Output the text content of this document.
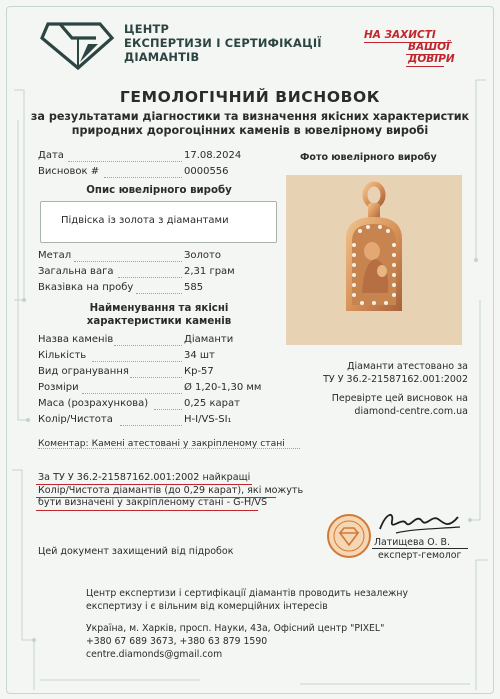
ЦЕНТР
ЕКСПЕРТИЗИ І СЕРТИФІКАЦІЇ
ДІАМАНТІВ
НА ЗАХИСТІ
ВАШОЇ
ДОВІРИ
ГЕМОЛОГІЧНИЙ ВИСНОВОК
за результатами діагностики та визначення якісних характеристик
природних дорогоцінних каменів в ювелірному виробі
Дата	17.08.2024
Висновок #	0000556
Опис ювелірного виробу
Підвіска із золота з діамантами
Метал	Золото
Загальна вага	2,31 грам
Вказівка на пробу	585
Найменування та якісні
характеристики каменів
Назва каменів	Діаманти
Кількість	34 шт
Вид огранування	Кр-57
Розміри	Ø 1,20-1,30 мм
Маса (розрахункова)	0,25 карат
Колір/Чистота	H-I/VS-SI₁
Коментар: Камені атестовані у закріпленому стані
Фото ювелірного виробу
Діаманти атестовано за
ТУ У 36.2-21587162.001:2002
Перевірте цей висновок на
diamond-centre.com.ua
За ТУ У 36.2-21587162.001:2002 найкращі
Колір/Чистота діамантів (до 0,29 карат), які можуть
бути визначені у закріпленому стані - G-H/VS
Цей документ захищений від підробок
Латищева О. В.
експерт-гемолог
Центр експертизи і сертифікації діамантів проводить незалежну
експертизу і є вільним від комерційних інтересів
Україна, м. Харків, просп. Науки, 43а, Офісний центр "PIXEL"
+380 67 689 3673, +380 63 879 1590
centre.diamonds@gmail.com
